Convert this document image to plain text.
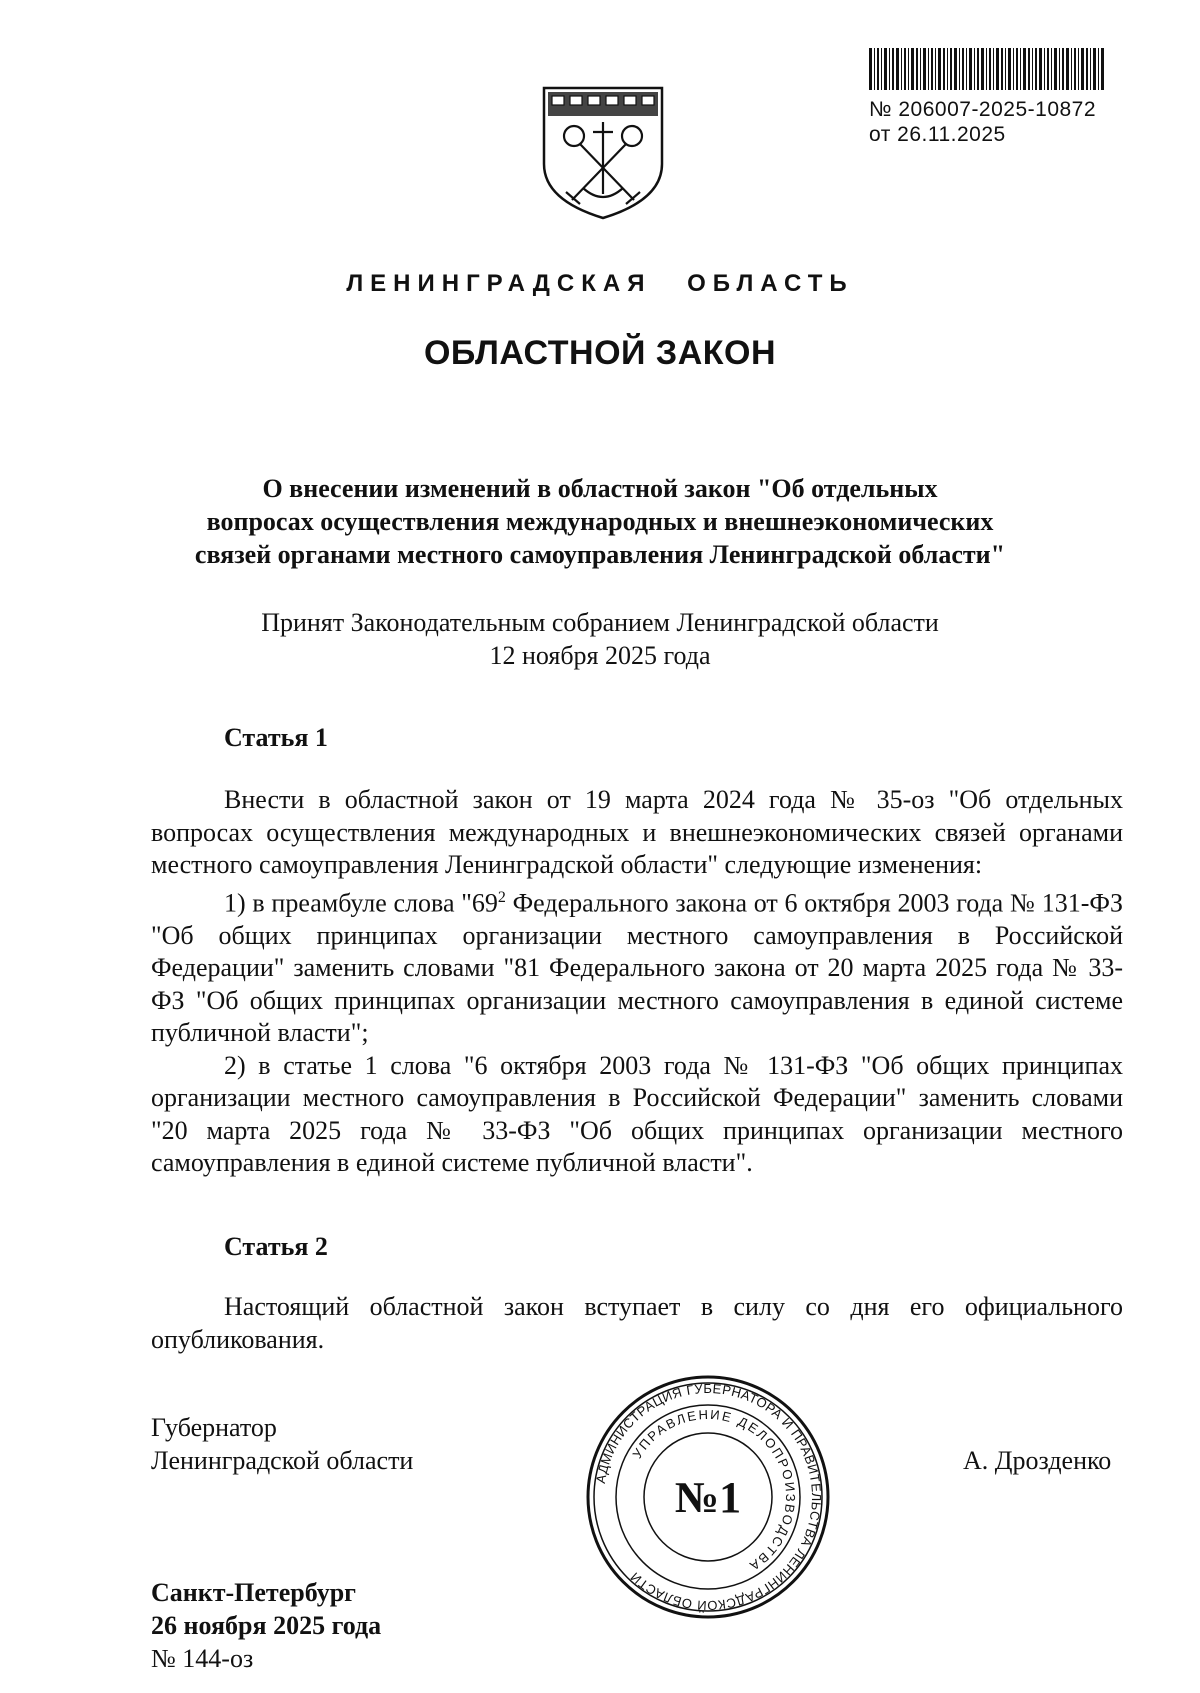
№ 206007-2025-10872
от 26.11.2025
ЛЕНИНГРАДСКАЯ ОБЛАСТЬ
ОБЛАСТНОЙ ЗАКОН
О внесении изменений в областной закон "Об отдельных
вопросах осуществления международных и внешнеэкономических
связей органами местного самоуправления Ленинградской области"
Принят Законодательным собранием Ленинградской области
12 ноября 2025 года
Статья 1

Внести в областной закон от 19 марта 2024 года № 35-оз "Об отдельных вопросах осуществления международных и внешнеэкономических связей органами местного самоуправления Ленинградской области" следующие изменения:

1) в преамбуле слова "$69^2$ Федерального закона от 6 октября 2003 года № 131-ФЗ "Об общих принципах организации местного самоуправления в Российской Федерации" заменить словами "81 Федерального закона от 20 марта 2025 года № 33-ФЗ "Об общих принципах организации местного самоуправления в единой системе публичной власти";

2) в статье 1 слова "6 октября 2003 года № 131-ФЗ "Об общих принципах организации местного самоуправления в Российской Федерации" заменить словами "20 марта 2025 года № 33-ФЗ "Об общих принципах организации местного самоуправления в единой системе публичной власти".

Статья 2

Настоящий областной закон вступает в силу со дня его официального опубликования.

Губернатор
Ленинградской области	А. Дрозденко
АДМИНИСТРАЦИЯ ГУБЕРНАТОРА И ПРАВИТЕЛЬСТВА ЛЕНИНГРАДСКОЙ ОБЛАСТИ
УПРАВЛЕНИЕ ДЕЛОПРОИЗВОДСТВА
№1
Санкт-Петербург
26 ноября 2025 года
№ 144-оз
